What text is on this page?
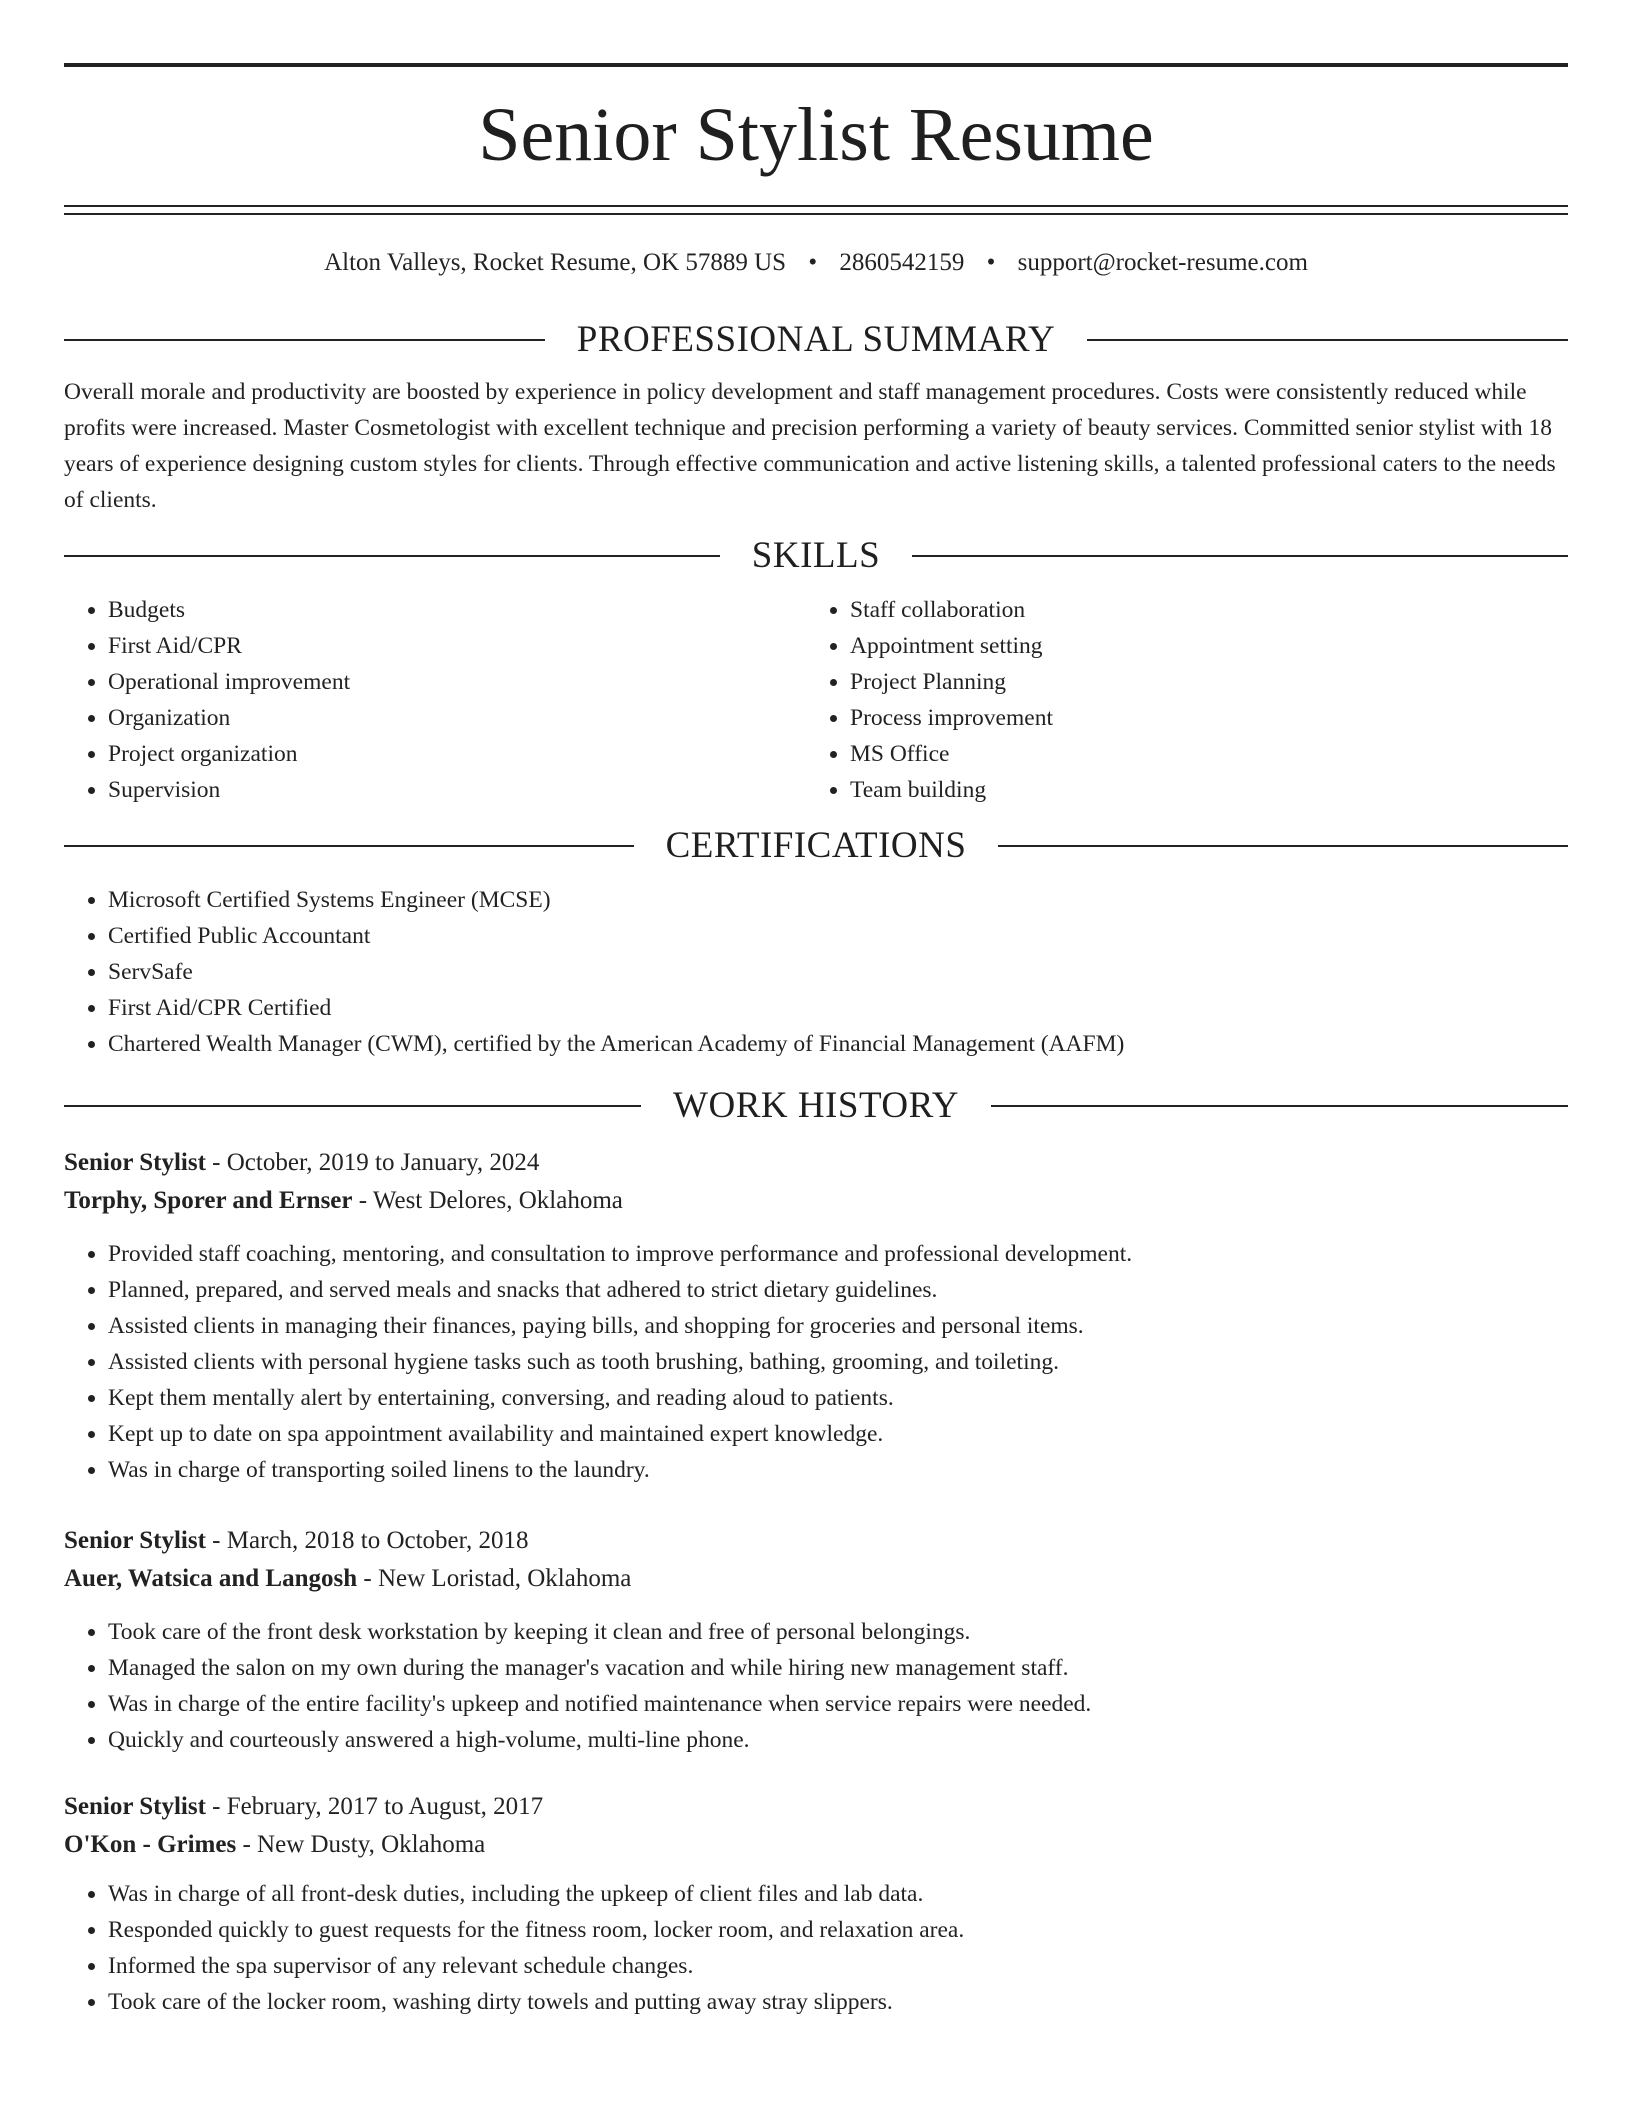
Senior Stylist Resume
Alton Valleys, Rocket Resume, OK 57889 US • 2860542159 • support@rocket-resume.com
PROFESSIONAL SUMMARY

Overall morale and productivity are boosted by experience in policy development and staff management procedures. Costs were consistently reduced while profits were increased. Master Cosmetologist with excellent technique and precision performing a variety of beauty services. Committed senior stylist with 18 years of experience designing custom styles for clients. Through effective communication and active listening skills, a talented professional caters to the needs of clients.

SKILLS
• Budgets
• First Aid/CPR
• Operational improvement
• Organization
• Project organization
• Supervision
• Staff collaboration
• Appointment setting
• Project Planning
• Process improvement
• MS Office
• Team building
CERTIFICATIONS
• Microsoft Certified Systems Engineer (MCSE)
• Certified Public Accountant
• ServSafe
• First Aid/CPR Certified
• Chartered Wealth Manager (CWM), certified by the American Academy of Financial Management (AAFM)
WORK HISTORY
Senior Stylist - October, 2019 to January, 2024
Torphy, Sporer and Ernser - West Delores, Oklahoma
• Provided staff coaching, mentoring, and consultation to improve performance and professional development.
• Planned, prepared, and served meals and snacks that adhered to strict dietary guidelines.
• Assisted clients in managing their finances, paying bills, and shopping for groceries and personal items.
• Assisted clients with personal hygiene tasks such as tooth brushing, bathing, grooming, and toileting.
• Kept them mentally alert by entertaining, conversing, and reading aloud to patients.
• Kept up to date on spa appointment availability and maintained expert knowledge.
• Was in charge of transporting soiled linens to the laundry.
Senior Stylist - March, 2018 to October, 2018
Auer, Watsica and Langosh - New Loristad, Oklahoma
• Took care of the front desk workstation by keeping it clean and free of personal belongings.
• Managed the salon on my own during the manager's vacation and while hiring new management staff.
• Was in charge of the entire facility's upkeep and notified maintenance when service repairs were needed.
• Quickly and courteously answered a high-volume, multi-line phone.
Senior Stylist - February, 2017 to August, 2017
O'Kon - Grimes - New Dusty, Oklahoma
• Was in charge of all front-desk duties, including the upkeep of client files and lab data.
• Responded quickly to guest requests for the fitness room, locker room, and relaxation area.
• Informed the spa supervisor of any relevant schedule changes.
• Took care of the locker room, washing dirty towels and putting away stray slippers.
